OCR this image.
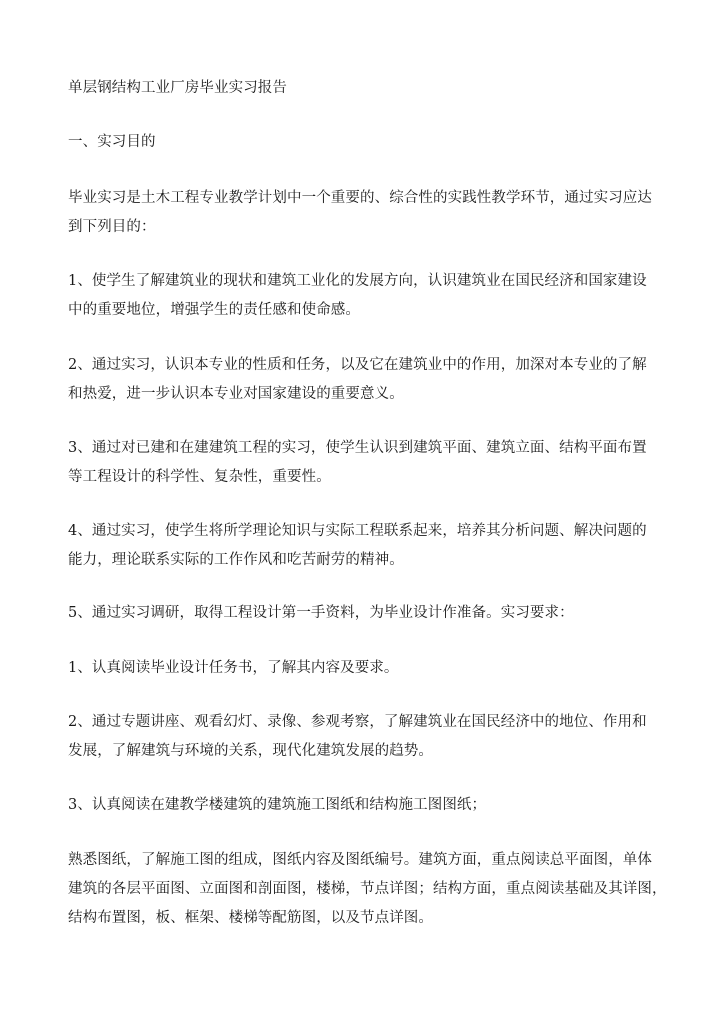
单层钢结构工业厂房毕业实习报告

一、实习目的

毕业实习是土木工程专业教学计划中一个重要的、综合性的实践性教学环节，通过实习应达
到下列目的：

1、使学生了解建筑业的现状和建筑工业化的发展方向，认识建筑业在国民经济和国家建设
中的重要地位，增强学生的责任感和使命感。

2、通过实习，认识本专业的性质和任务，以及它在建筑业中的作用，加深对本专业的了解
和热爱，进一步认识本专业对国家建设的重要意义。

3、通过对已建和在建建筑工程的实习，使学生认识到建筑平面、建筑立面、结构平面布置
等工程设计的科学性、复杂性，重要性。

4、通过实习，使学生将所学理论知识与实际工程联系起来，培养其分析问题、解决问题的
能力，理论联系实际的工作作风和吃苦耐劳的精神。

5、通过实习调研，取得工程设计第一手资料，为毕业设计作准备。实习要求：

1、认真阅读毕业设计任务书，了解其内容及要求。

2、通过专题讲座、观看幻灯、录像、参观考察，了解建筑业在国民经济中的地位、作用和
发展，了解建筑与环境的关系，现代化建筑发展的趋势。

3、认真阅读在建教学楼建筑的建筑施工图纸和结构施工图图纸；

熟悉图纸，了解施工图的组成，图纸内容及图纸编号。建筑方面，重点阅读总平面图，单体
建筑的各层平面图、立面图和剖面图，楼梯，节点详图；结构方面，重点阅读基础及其详图，
结构布置图，板、框架、楼梯等配筋图，以及节点详图。
